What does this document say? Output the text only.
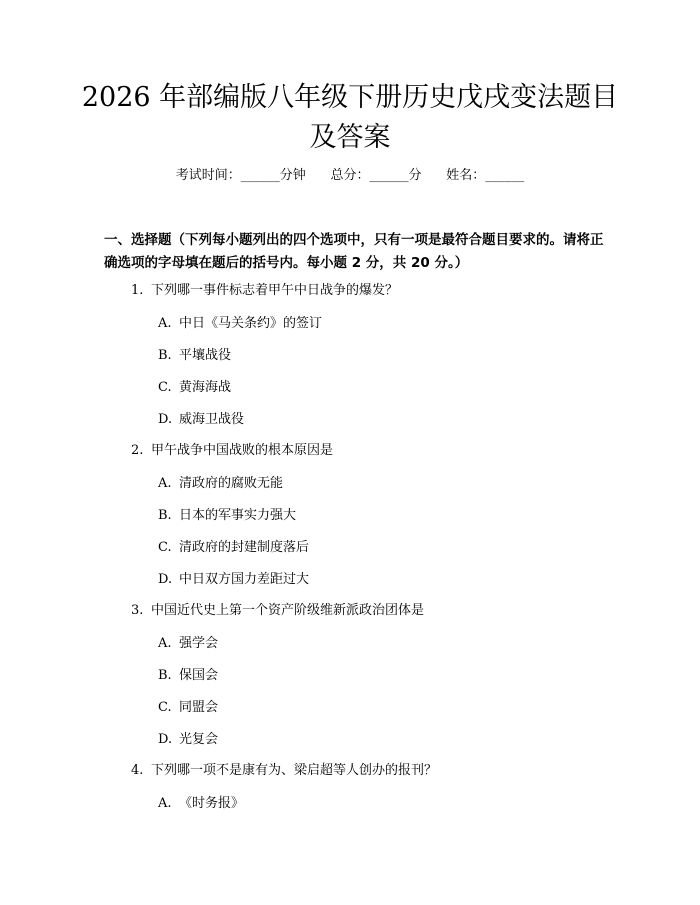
2026 年部编版八年级下册历史戊戌变法题目
及答案
考试时间：______分钟      总分：______分      姓名：______
一、选择题（下列每小题列出的四个选项中，只有一项是最符合题目要求的。请将正确选项的字母填在题后的括号内。每小题 2 分，共 20 分。）
1. 下列哪一事件标志着甲午中日战争的爆发？
A. 中日《马关条约》的签订
B. 平壤战役
C. 黄海海战
D. 威海卫战役
2. 甲午战争中国战败的根本原因是
A. 清政府的腐败无能
B. 日本的军事实力强大
C. 清政府的封建制度落后
D. 中日双方国力差距过大
3. 中国近代史上第一个资产阶级维新派政治团体是
A. 强学会
B. 保国会
C. 同盟会
D. 光复会
4. 下列哪一项不是康有为、梁启超等人创办的报刊？
A. 《时务报》
